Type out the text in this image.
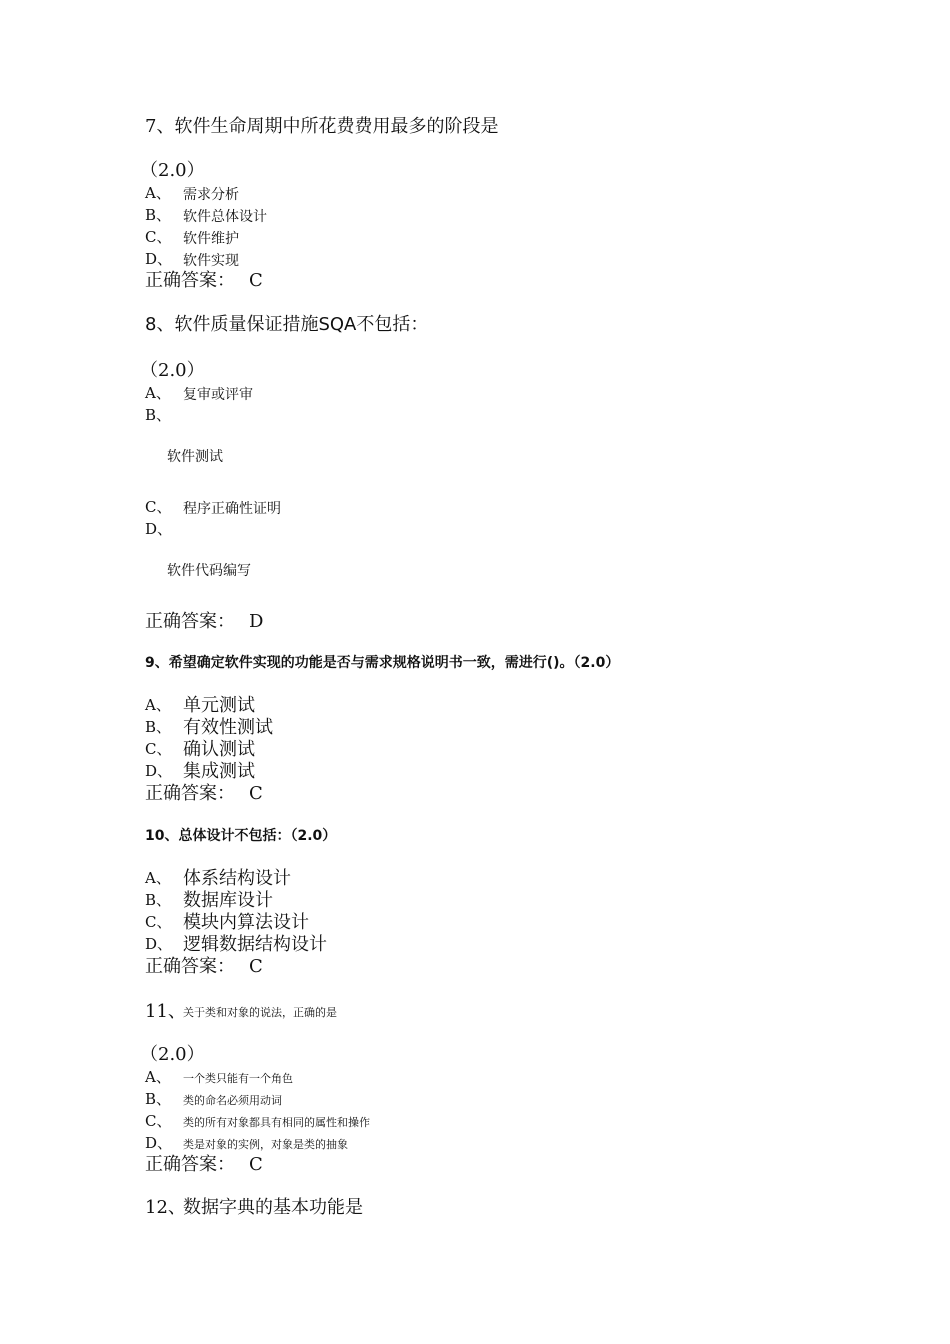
7、软件生命周期中所花费费用最多的阶段是
（2.0）
A、 需求分析
B、 软件总体设计
C、 软件维护
D、 软件实现
正确答案： C
8、软件质量保证措施SQA不包括：
（2.0）
A、 复审或评审
B、
软件测试
C、 程序正确性证明
D、
软件代码编写
正确答案： D
9、希望确定软件实现的功能是否与需求规格说明书一致，需进行()。（2.0）
A、 单元测试
B、 有效性测试
C、 确认测试
D、 集成测试
正确答案： C
10、总体设计不包括：（2.0）
A、 体系结构设计
B、 数据库设计
C、 模块内算法设计
D、 逻辑数据结构设计
正确答案： C
11、
关于类和对象的说法，正确的是
（2.0）
A、 一个类只能有一个角色
B、 类的命名必须用动词
C、 类的所有对象都具有相同的属性和操作
D、 类是对象的实例，对象是类的抽象
正确答案： C
12、
数据字典的基本功能是
